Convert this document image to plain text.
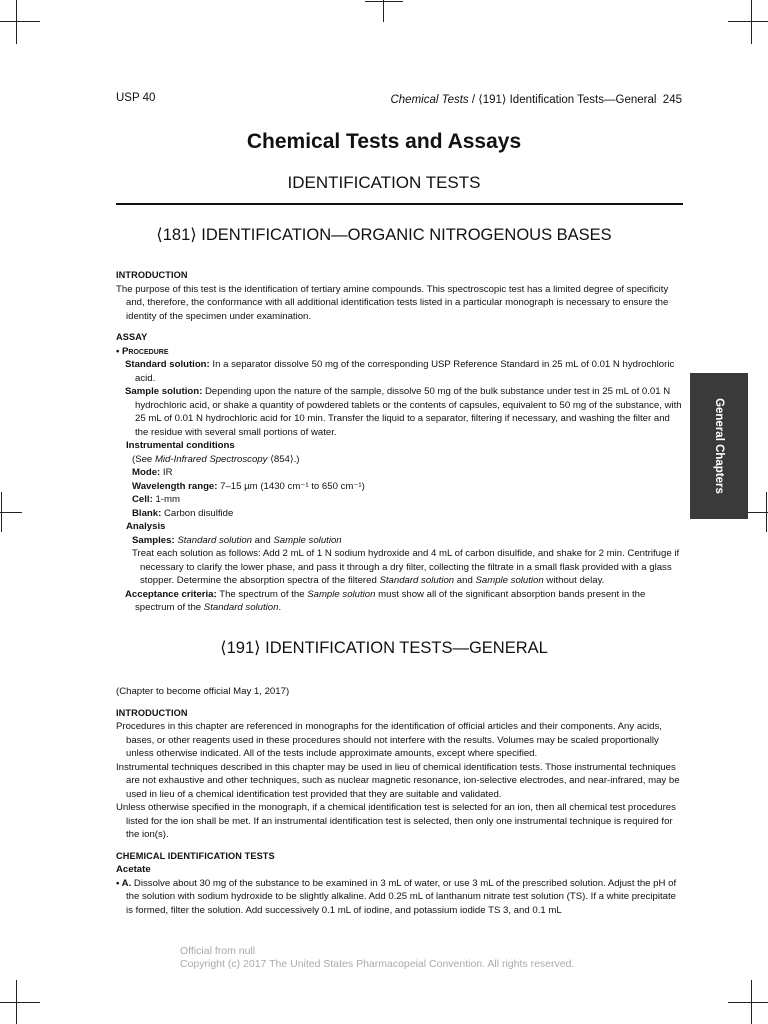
USP 40	Chemical Tests / ⟨191⟩ Identification Tests—General  245
Chemical Tests and Assays
IDENTIFICATION TESTS
General Chapters
⟨181⟩ IDENTIFICATION—ORGANIC NITROGENOUS BASES
INTRODUCTION

The purpose of this test is the identification of tertiary amine compounds. This spectroscopic test has a limited degree of specificity and, therefore, the conformance with all additional identification tests listed in a particular monograph is necessary to ensure the identity of the specimen under examination.

ASSAY
• Procedure

Standard solution: In a separator dissolve 50 mg of the corresponding USP Reference Standard in 25 mL of 0.01 N hydrochloric acid.

Sample solution: Depending upon the nature of the sample, dissolve 50 mg of the bulk substance under test in 25 mL of 0.01 N hydrochloric acid, or shake a quantity of powdered tablets or the contents of capsules, equivalent to 50 mg of the substance, with 25 mL of 0.01 N hydrochloric acid for 10 min. Transfer the liquid to a separator, filtering if necessary, and washing the filter and the residue with several small portions of water.

Instrumental conditions

(See Mid-Infrared Spectroscopy ⟨854⟩.)

Mode: IR

Wavelength range: 7–15 µm (1430 cm⁻¹ to 650 cm⁻¹)

Cell: 1-mm

Blank: Carbon disulfide

Analysis

Samples: Standard solution and Sample solution

Treat each solution as follows: Add 2 mL of 1 N sodium hydroxide and 4 mL of carbon disulfide, and shake for 2 min. Centrifuge if necessary to clarify the lower phase, and pass it through a dry filter, collecting the filtrate in a small flask provided with a glass stopper. Determine the absorption spectra of the filtered Standard solution and Sample solution without delay.

Acceptance criteria: The spectrum of the Sample solution must show all of the significant absorption bands present in the spectrum of the Standard solution.

⟨191⟩ IDENTIFICATION TESTS—GENERAL

(Chapter to become official May 1, 2017)

INTRODUCTION

Procedures in this chapter are referenced in monographs for the identification of official articles and their components. Any acids, bases, or other reagents used in these procedures should not interfere with the results. Volumes may be scaled proportionally unless otherwise indicated. All of the tests include approximate amounts, except where specified.

Instrumental techniques described in this chapter may be used in lieu of chemical identification tests. Those instrumental techniques are not exhaustive and other techniques, such as nuclear magnetic resonance, ion-selective electrodes, and near-infrared, may be used in lieu of a chemical identification test provided that they are suitable and validated.

Unless otherwise specified in the monograph, if a chemical identification test is selected for an ion, then all chemical test procedures listed for the ion shall be met. If an instrumental identification test is selected, then only one instrumental technique is required for the ion(s).

CHEMICAL IDENTIFICATION TESTS
Acetate

• A. Dissolve about 30 mg of the substance to be examined in 3 mL of water, or use 3 mL of the prescribed solution. Adjust the pH of the solution with sodium hydroxide to be slightly alkaline. Add 0.25 mL of lanthanum nitrate test solution (TS). If a white precipitate is formed, filter the solution. Add successively 0.1 mL of iodine, and potassium iodide TS 3, and 0.1 mL

Official from null
Copyright (c) 2017 The United States Pharmacopeial Convention. All rights reserved.
